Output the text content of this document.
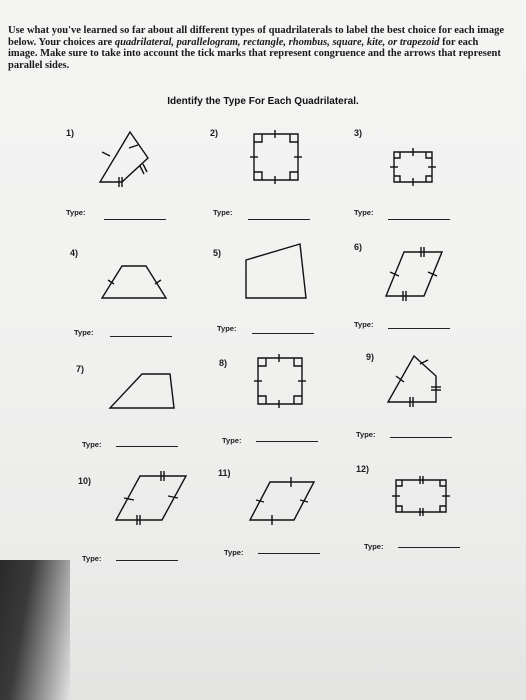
Use what you've learned so far about all different types of quadrilaterals to label the best choice for each image
below. Your choices are quadrilateral, parallelogram, rectangle, rhombus, square, kite, or trapezoid for each
image. Make sure to take into account the tick marks that represent congruence and the arrows that represent
parallel sides.
Identify the Type For Each Quadrilateral.
1)	2)	3)
Type:	Type:	Type:
4)	5)
6)
Type:	Type:	Type:
7)
8)
9)
Type:	Type:
Type:
10)
11)	12)
Type:
Type:
Type:
